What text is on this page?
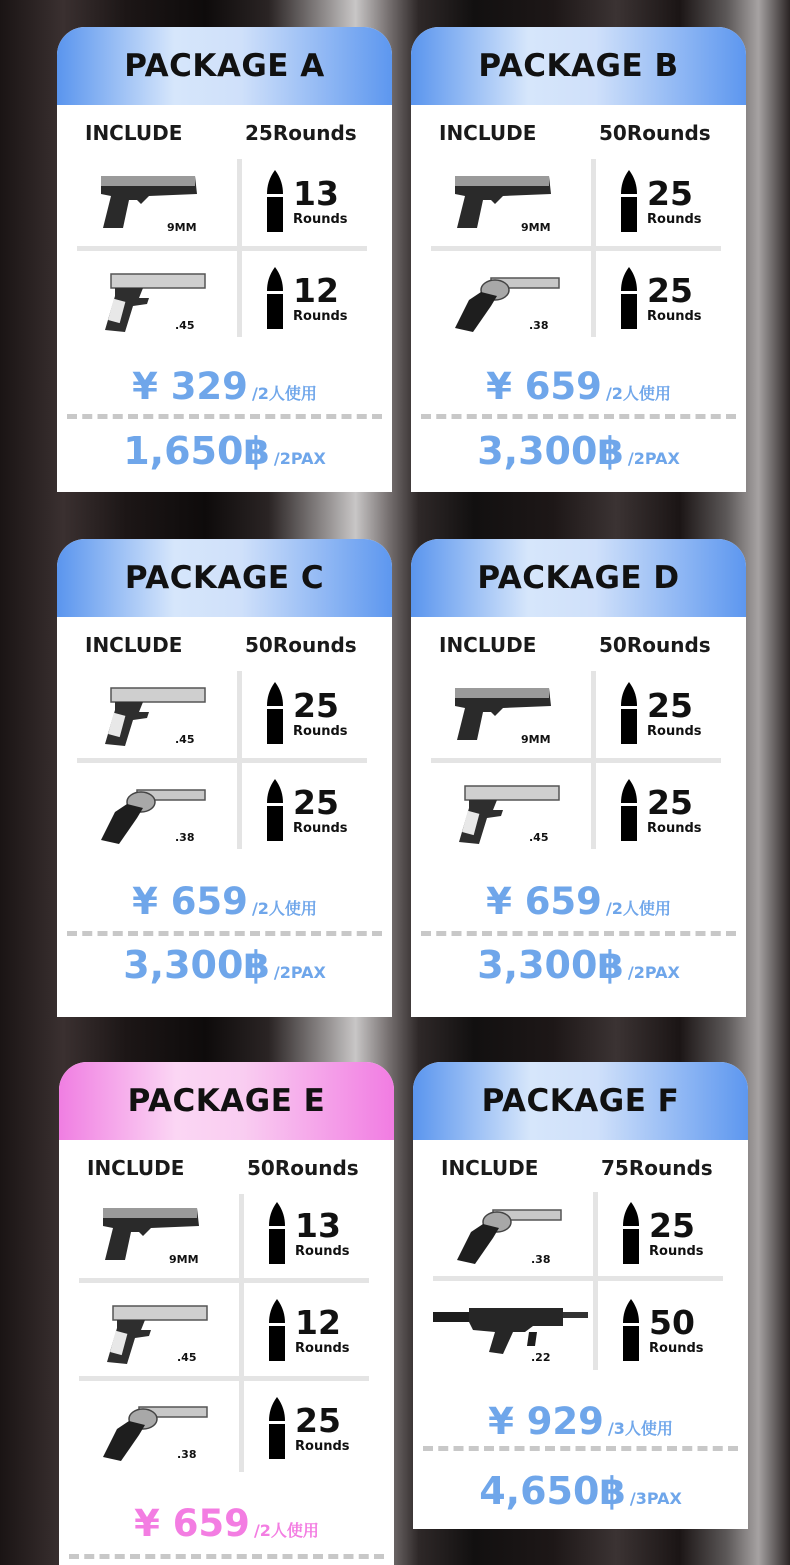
PACKAGE A
INCLUDE	25Rounds
9MM
13
Rounds
.45
12
Rounds
¥ 329 /2人使用
1,650฿ /2PAX
PACKAGE B
INCLUDE	50Rounds
9MM
25
Rounds
.38
25
Rounds
¥ 659 /2人使用
3,300฿ /2PAX
PACKAGE C
INCLUDE	50Rounds
.45
25
Rounds
.38
25
Rounds
¥ 659 /2人使用
3,300฿ /2PAX
PACKAGE D
INCLUDE	50Rounds
9MM
25
Rounds
.45
25
Rounds
¥ 659 /2人使用
3,300฿ /2PAX
PACKAGE E
INCLUDE	50Rounds
9MM
13
Rounds
.45
12
Rounds
.38
25
Rounds
¥ 659 /2人使用
PACKAGE F
INCLUDE	75Rounds
.38
25
Rounds
.22
50
Rounds
¥ 929 /3人使用
4,650฿ /3PAX
